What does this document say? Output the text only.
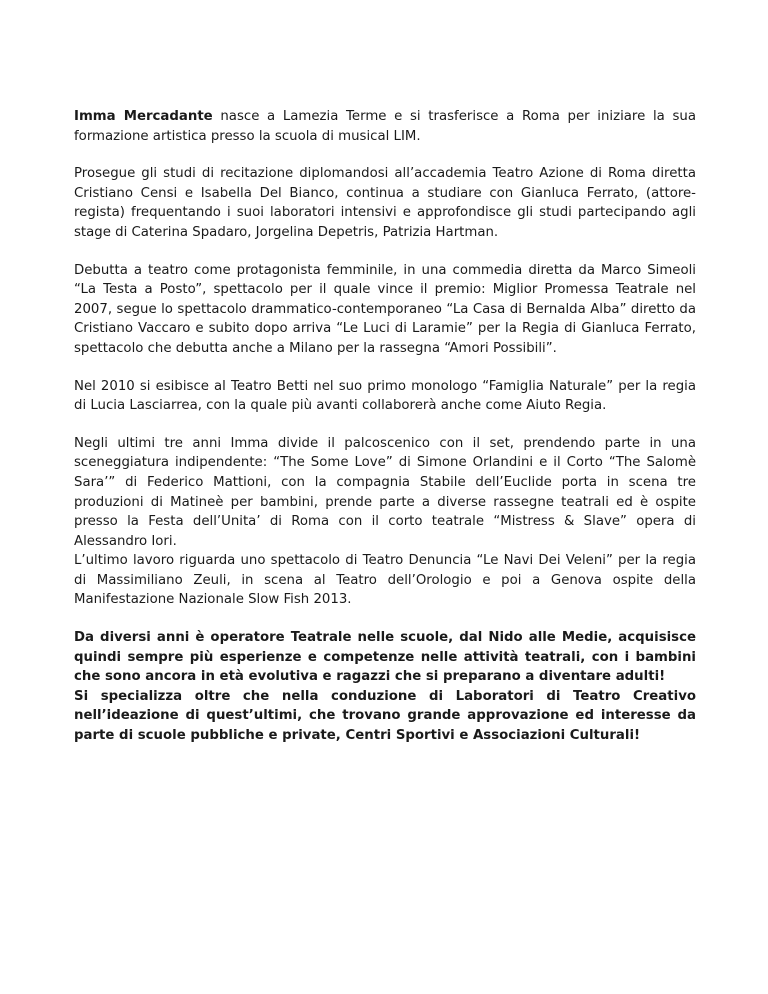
Imma Mercadante nasce a Lamezia Terme e si trasferisce a Roma per iniziare la sua formazione artistica presso la scuola di musical LIM.

Prosegue gli studi di recitazione diplomandosi all’accademia Teatro Azione di Roma diretta Cristiano Censi e Isabella Del Bianco, continua a studiare con Gianluca Ferrato, (attore-regista) frequentando i suoi laboratori intensivi e approfondisce gli studi partecipando agli stage di Caterina Spadaro, Jorgelina Depetris, Patrizia Hartman.

Debutta a teatro come protagonista femminile, in una commedia diretta da Marco Simeoli “La Testa a Posto”, spettacolo per il quale vince il premio: Miglior Promessa Teatrale nel 2007, segue lo spettacolo drammatico-contemporaneo “La Casa di Bernalda Alba” diretto da Cristiano Vaccaro e subito dopo arriva “Le Luci di Laramie” per la Regia di Gianluca Ferrato, spettacolo che debutta anche a Milano per la rassegna “Amori Possibili”.

Nel 2010 si esibisce al Teatro Betti nel suo primo monologo “Famiglia Naturale” per la regia di Lucia Lasciarrea, con la quale più avanti collaborerà anche come Aiuto Regia.

Negli ultimi tre anni Imma divide il palcoscenico con il set, prendendo parte in una sceneggiatura indipendente: “The Some Love” di Simone Orlandini e il Corto “The Salomè Sara’” di Federico Mattioni, con la compagnia Stabile dell’Euclide porta in scena tre produzioni di Matineè per bambini, prende parte a diverse rassegne teatrali ed è ospite presso la Festa dell’Unita’ di Roma con il corto teatrale “Mistress & Slave” opera di Alessandro Iori.

L’ultimo lavoro riguarda uno spettacolo di Teatro Denuncia “Le Navi Dei Veleni” per la regia di Massimiliano Zeuli, in scena al Teatro dell’Orologio e poi a Genova ospite della Manifestazione Nazionale Slow Fish 2013.

Da diversi anni è operatore Teatrale nelle scuole, dal Nido alle Medie, acquisisce quindi sempre più esperienze e competenze nelle attività teatrali, con i bambini che sono ancora in età evolutiva e ragazzi che si preparano a diventare adulti!

Si specializza oltre che nella conduzione di Laboratori di Teatro Creativo nell’ideazione di quest’ultimi, che trovano grande approvazione ed interesse da parte di scuole pubbliche e private, Centri Sportivi e Associazioni Culturali!
